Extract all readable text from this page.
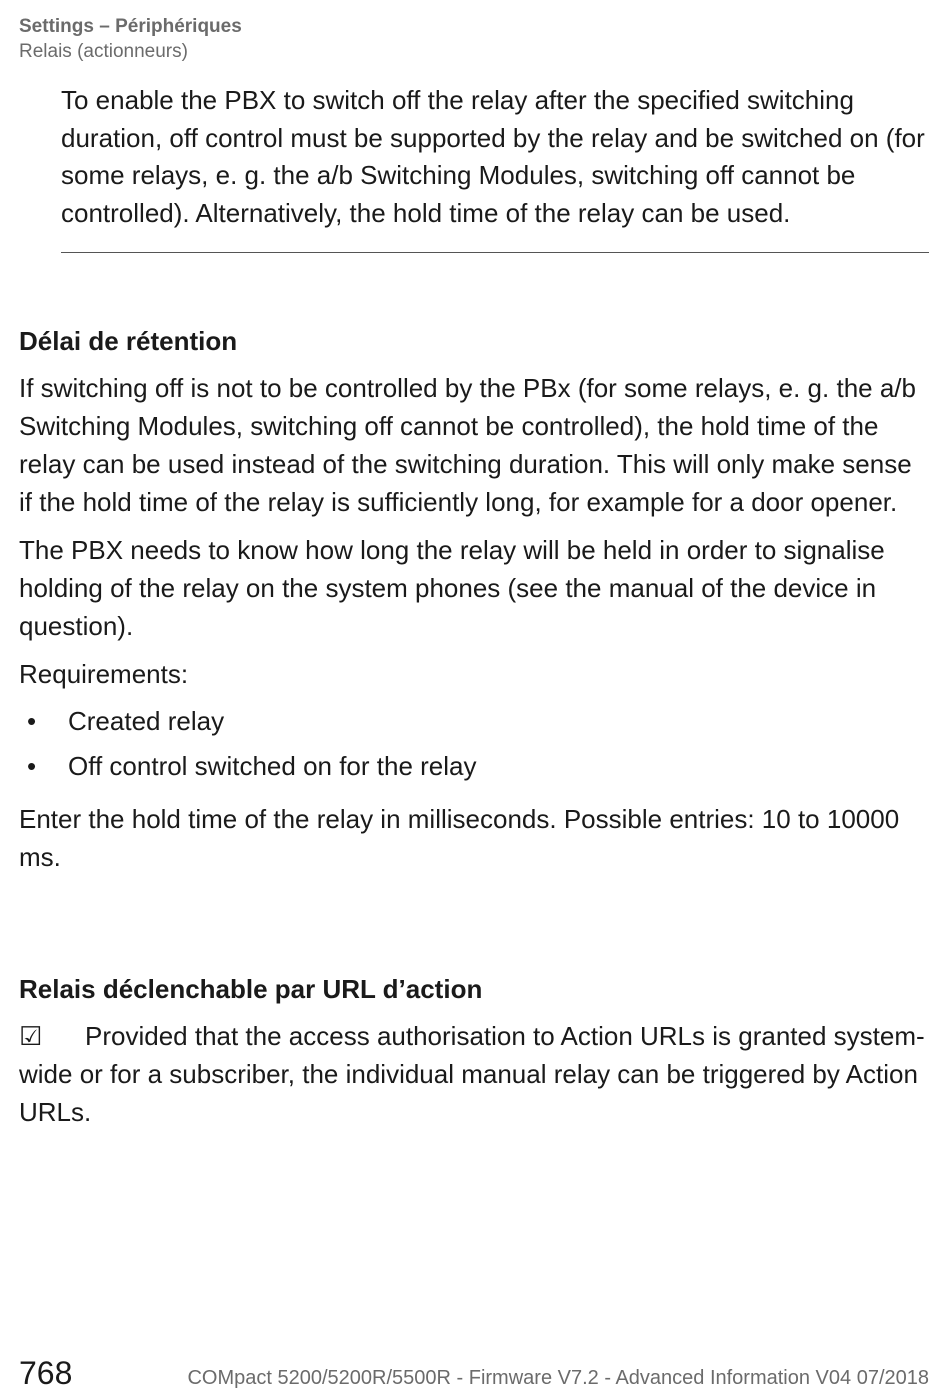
Settings – Périphériques
Relais (actionneurs)

To enable the PBX to switch off the relay after the specified switching duration, off control must be supported by the relay and be switched on (for some relays, e. g. the a/b Switching Modules, switching off cannot be controlled). Alternatively, the hold time of the relay can be used.

Délai de rétention

If switching off is not to be controlled by the PBx (for some relays, e. g. the a/b Switching Modules, switching off cannot be controlled), the hold time of the relay can be used instead of the switching duration. This will only make sense if the hold time of the relay is sufficiently long, for example for a door opener.

The PBX needs to know how long the relay will be held in order to signalise holding of the relay on the system phones (see the manual of the device in question).

Requirements:

• Created relay
• Off control switched on for the relay

Enter the hold time of the relay in milliseconds. Possible entries: 10 to 10000 ms.

Relais déclenchable par URL d’action

☑ Provided that the access authorisation to Action URLs is granted system-wide or for a subscriber, the individual manual relay can be triggered by Action URLs.

768	COMpact 5200/5200R/5500R - Firmware V7.2 - Advanced Information V04 07/2018
